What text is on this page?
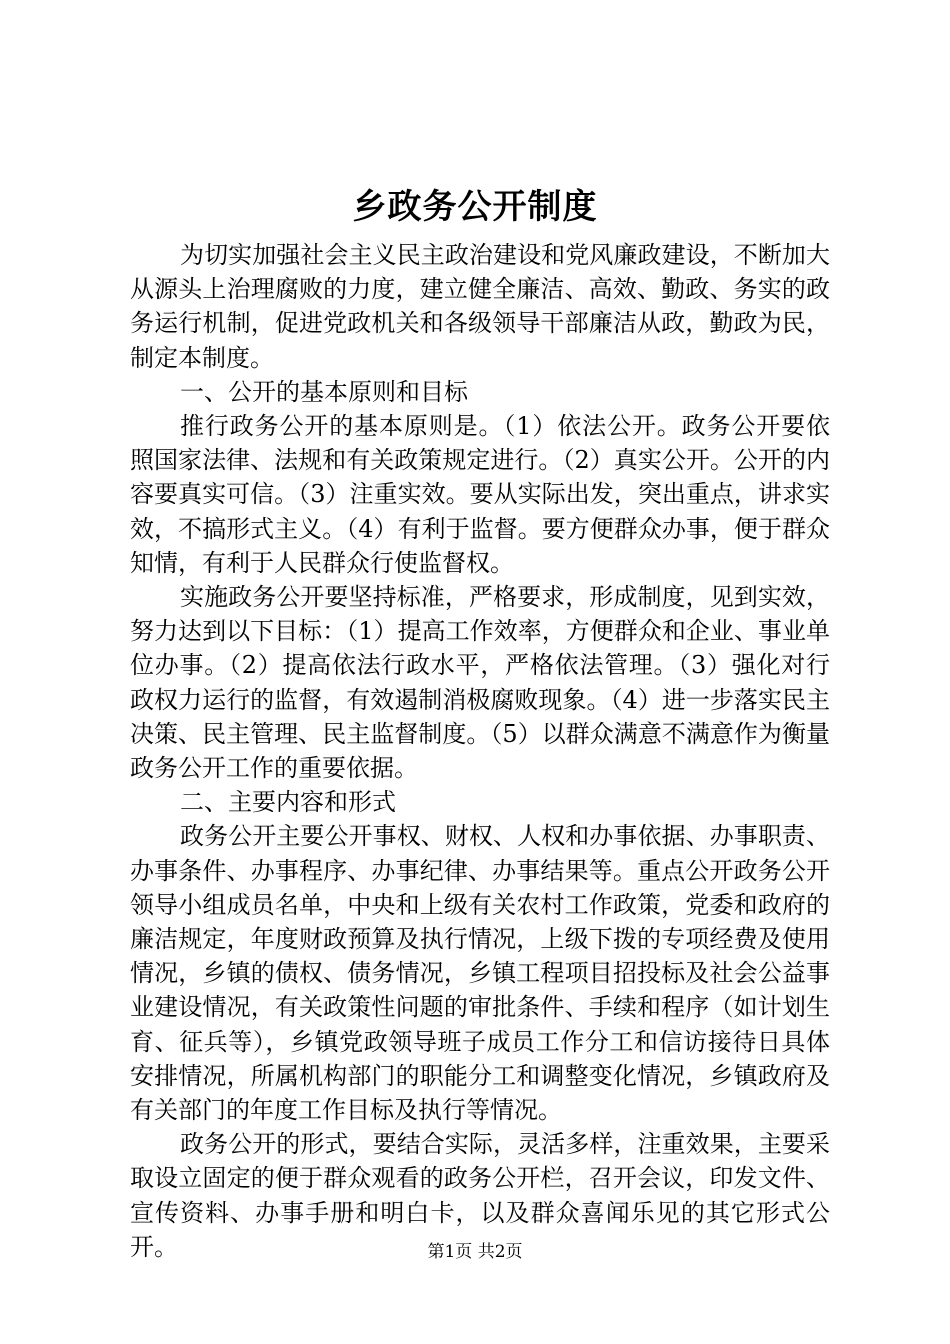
乡政务公开制度

为切实加强社会主义民主政治建设和党风廉政建设，不断加大从源头上治理腐败的力度，建立健全廉洁、高效、勤政、务实的政务运行机制，促进党政机关和各级领导干部廉洁从政，勤政为民，制定本制度。

一、公开的基本原则和目标

推行政务公开的基本原则是。（1）依法公开。政务公开要依照国家法律、法规和有关政策规定进行。（2）真实公开。公开的内容要真实可信。（3）注重实效。要从实际出发，突出重点，讲求实效，不搞形式主义。（4）有利于监督。要方便群众办事，便于群众知情，有利于人民群众行使监督权。

实施政务公开要坚持标准，严格要求，形成制度，见到实效，努力达到以下目标：（1）提高工作效率，方便群众和企业、事业单位办事。（2）提高依法行政水平，严格依法管理。（3）强化对行政权力运行的监督，有效遏制消极腐败现象。（4）进一步落实民主决策、民主管理、民主监督制度。（5）以群众满意不满意作为衡量政务公开工作的重要依据。

二、主要内容和形式

政务公开主要公开事权、财权、人权和办事依据、办事职责、办事条件、办事程序、办事纪律、办事结果等。重点公开政务公开领导小组成员名单，中央和上级有关农村工作政策，党委和政府的廉洁规定，年度财政预算及执行情况，上级下拨的专项经费及使用情况，乡镇的债权、债务情况，乡镇工程项目招投标及社会公益事业建设情况，有关政策性问题的审批条件、手续和程序（如计划生育、征兵等），乡镇党政领导班子成员工作分工和信访接待日具体安排情况，所属机构部门的职能分工和调整变化情况，乡镇政府及有关部门的年度工作目标及执行等情况。

政务公开的形式，要结合实际，灵活多样，注重效果，主要采取设立固定的便于群众观看的政务公开栏，召开会议，印发文件、宣传资料、办事手册和明白卡，以及群众喜闻乐见的其它形式公开。	第1页 共2页
